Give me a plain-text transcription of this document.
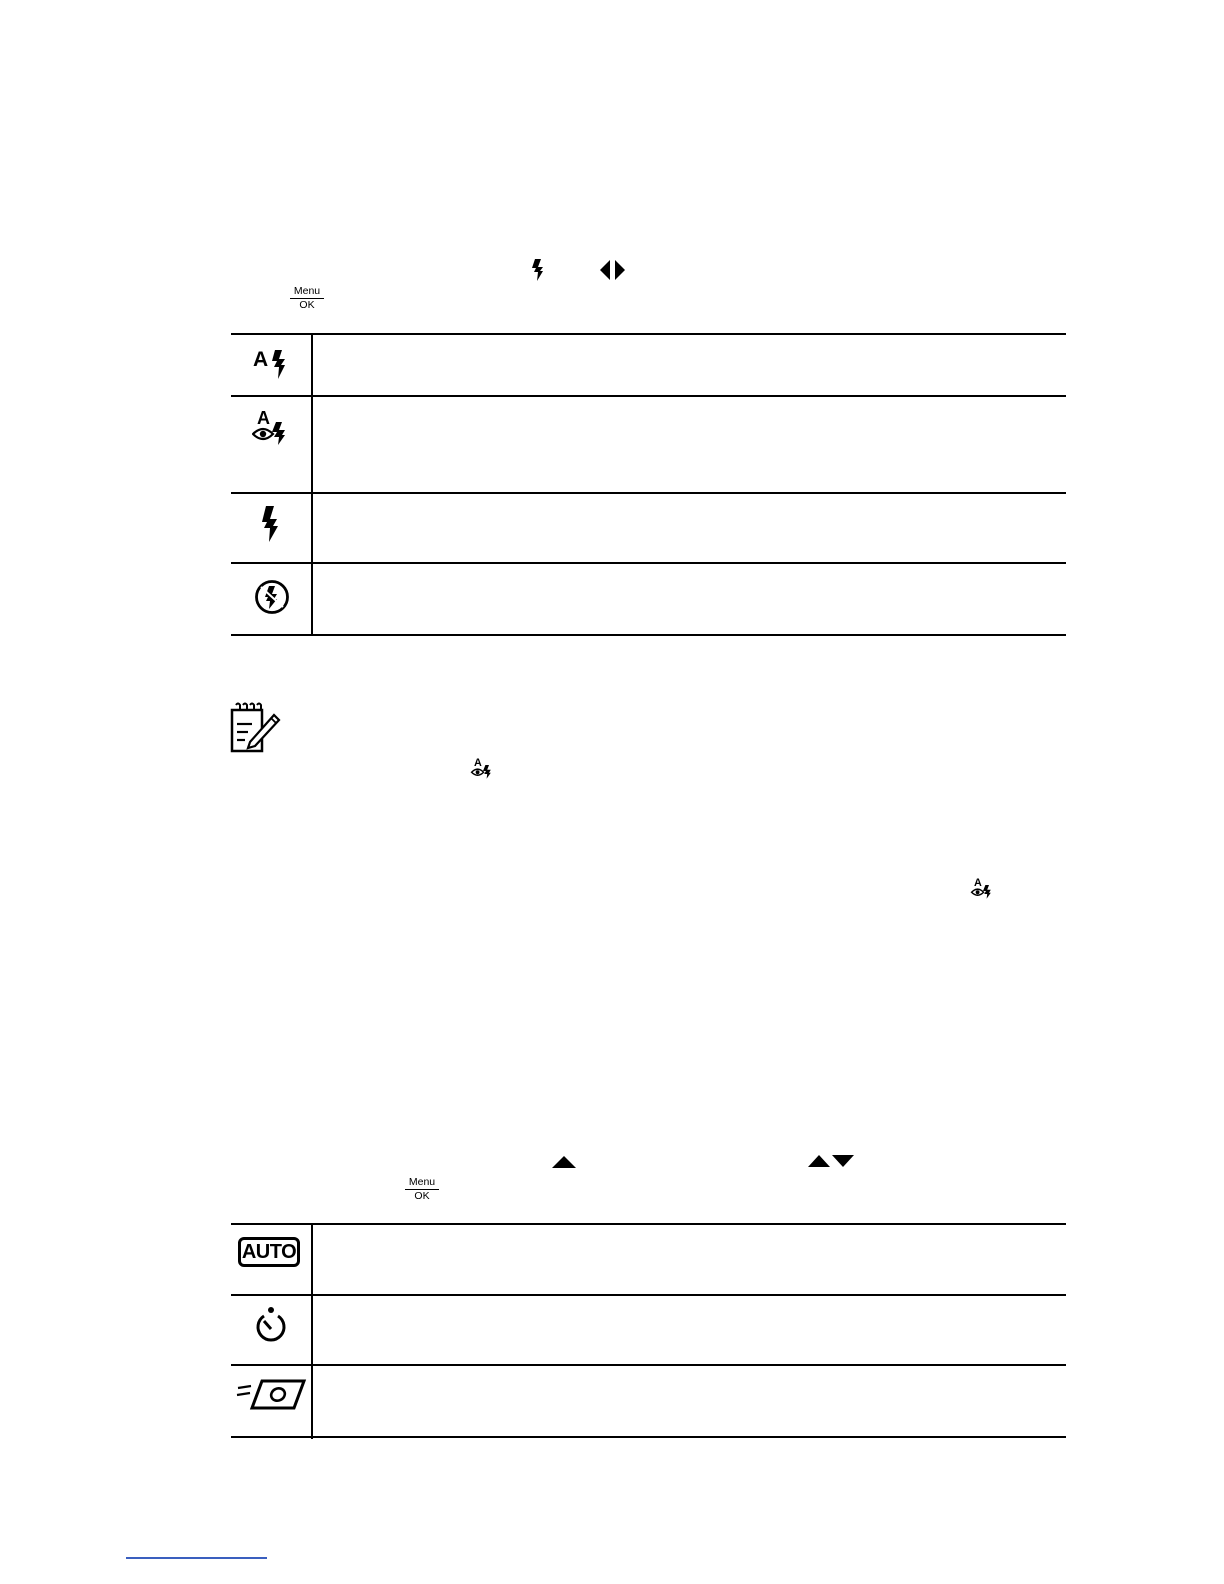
Menu
OK
A
A
A
A
Menu
OK
AUTO
